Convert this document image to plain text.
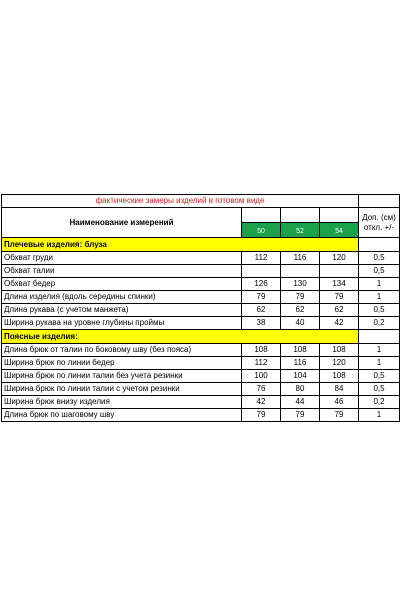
фактические замеры изделий в готовом виде				
Наименование измерений				Доп. (см)
откл. +/-

	50	52	54	
Плечевые изделия: блуза				
Обхват груди	112	116	120	0,5
Обхват талии				0,5
Обхват бедер	126	130	134	1
Длина изделия (вдоль середины спинки)	79	79	79	1
Длина рукава (с учетом манжета)	62	62	62	0,5
Ширина рукава на уровне глубины проймы	38	40	42	0,2
Поясные изделия:				
Длина брюк от талии по боковому шву (без пояса)	108	108	108	1
Ширина брюк по линии бедер	112	116	120	1
Ширина брюк по линии талии без учета резинки	100	104	108	0,5
Ширина брюк по линии талии с учетом резинки	76	80	84	0,5
Ширина брюк внизу изделия	42	44	46	0,2
Длина брюк по шаговому шву	79	79	79	1
